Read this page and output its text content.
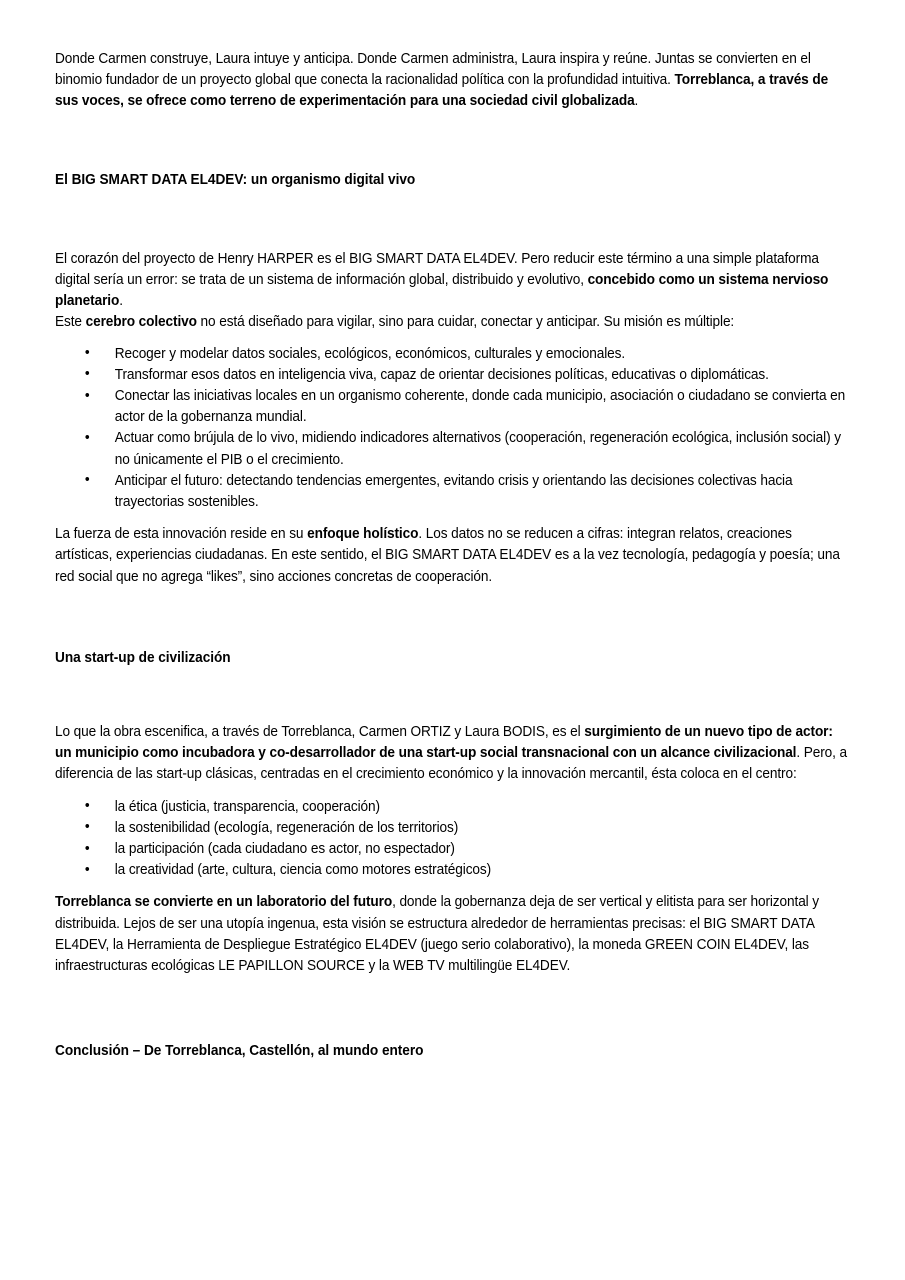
Donde Carmen construye, Laura intuye y anticipa. Donde Carmen administra, Laura inspira y reúne. Juntas se convierten en el binomio fundador de un proyecto global que conecta la racionalidad política con la profundidad intuitiva. Torreblanca, a través de sus voces, se ofrece como terreno de experimentación para una sociedad civil globalizada.

El BIG SMART DATA EL4DEV: un organismo digital vivo

El corazón del proyecto de Henry HARPER es el BIG SMART DATA EL4DEV. Pero reducir este término a una simple plataforma digital sería un error: se trata de un sistema de información global, distribuido y evolutivo, concebido como un sistema nervioso planetario.

Este cerebro colectivo no está diseñado para vigilar, sino para cuidar, conectar y anticipar. Su misión es múltiple:

• Recoger y modelar datos sociales, ecológicos, económicos, culturales y emocionales.
• Transformar esos datos en inteligencia viva, capaz de orientar decisiones políticas, educativas o diplomáticas.
• Conectar las iniciativas locales en un organismo coherente, donde cada municipio, asociación o ciudadano se convierta en actor de la gobernanza mundial.
• Actuar como brújula de lo vivo, midiendo indicadores alternativos (cooperación, regeneración ecológica, inclusión social) y no únicamente el PIB o el crecimiento.
• Anticipar el futuro: detectando tendencias emergentes, evitando crisis y orientando las decisiones colectivas hacia trayectorias sostenibles.

La fuerza de esta innovación reside en su enfoque holístico. Los datos no se reducen a cifras: integran relatos, creaciones artísticas, experiencias ciudadanas. En este sentido, el BIG SMART DATA EL4DEV es a la vez tecnología, pedagogía y poesía; una red social que no agrega “likes”, sino acciones concretas de cooperación.

Una start-up de civilización

Lo que la obra escenifica, a través de Torreblanca, Carmen ORTIZ y Laura BODIS, es el surgimiento de un nuevo tipo de actor: un municipio como incubadora y co-desarrollador de una start-up social transnacional con un alcance civilizacional. Pero, a diferencia de las start-up clásicas, centradas en el crecimiento económico y la innovación mercantil, ésta coloca en el centro:

• la ética (justicia, transparencia, cooperación)
• la sostenibilidad (ecología, regeneración de los territorios)
• la participación (cada ciudadano es actor, no espectador)
• la creatividad (arte, cultura, ciencia como motores estratégicos)

Torreblanca se convierte en un laboratorio del futuro, donde la gobernanza deja de ser vertical y elitista para ser horizontal y distribuida. Lejos de ser una utopía ingenua, esta visión se estructura alrededor de herramientas precisas: el BIG SMART DATA EL4DEV, la Herramienta de Despliegue Estratégico EL4DEV (juego serio colaborativo), la moneda GREEN COIN EL4DEV, las infraestructuras ecológicas LE PAPILLON SOURCE y la WEB TV multilingüe EL4DEV.

Conclusión – De Torreblanca, Castellón, al mundo entero
